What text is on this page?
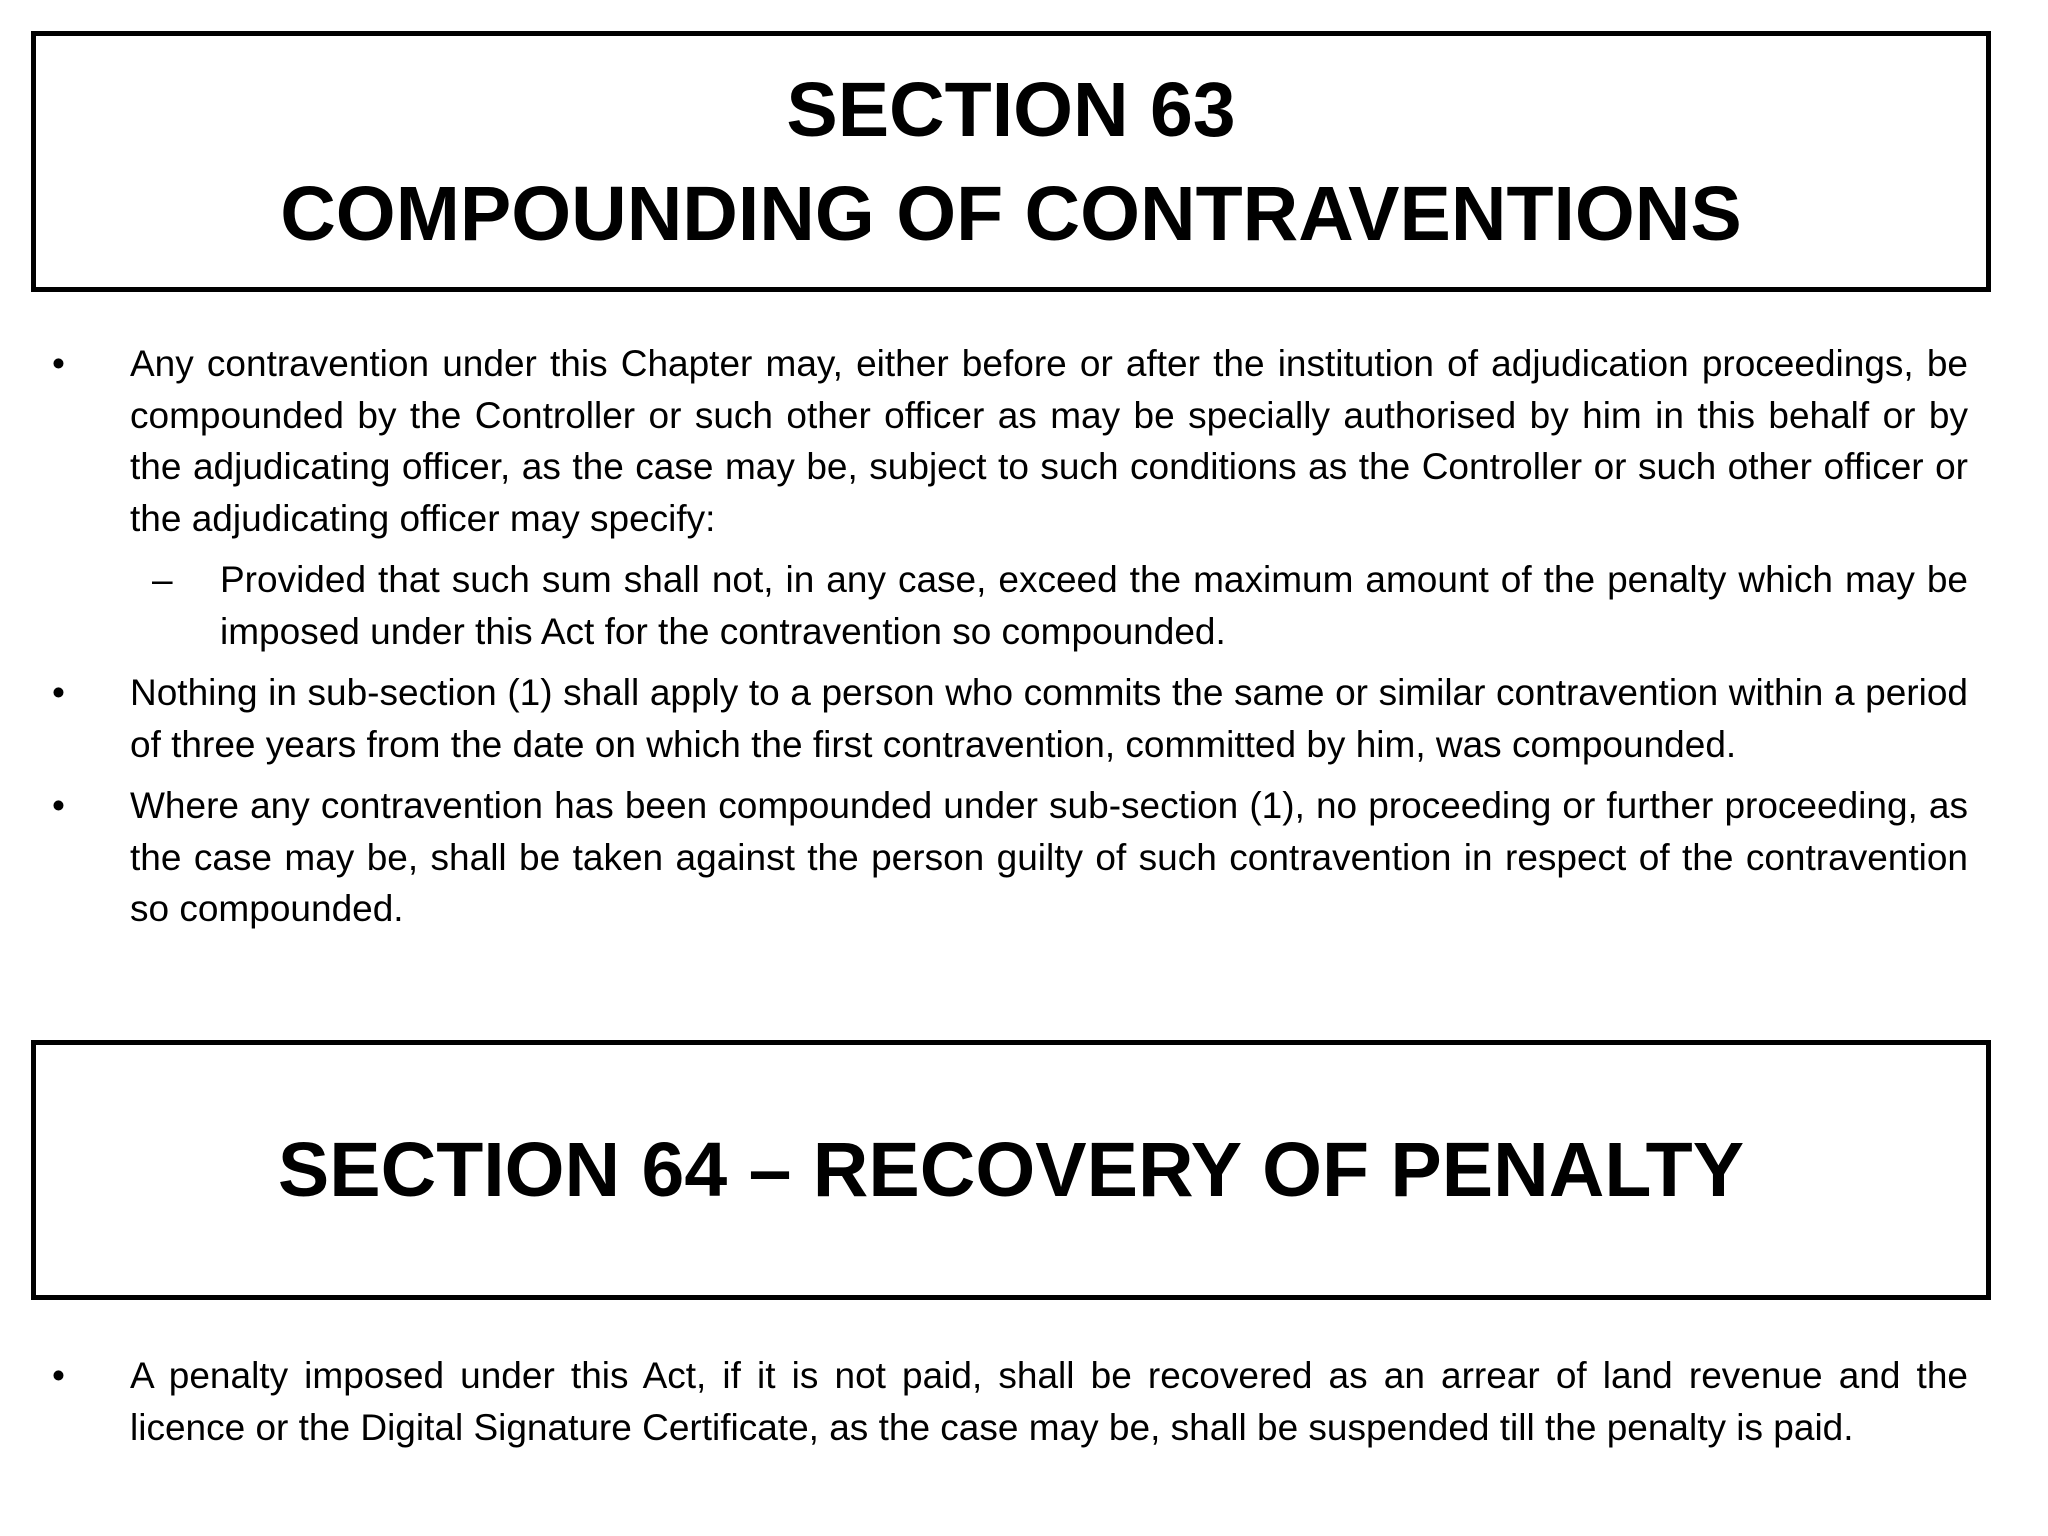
SECTION 63
COMPOUNDING OF CONTRAVENTIONS
• Any contravention under this Chapter may, either before or after the institution of adjudication proceedings, be compounded by the Controller or such other officer as may be specially authorised by him in this behalf or by the adjudicating officer, as the case may be, subject to such conditions as the Controller or such other officer or the adjudicating officer may specify:
– Provided that such sum shall not, in any case, exceed the maximum amount of the penalty which may be imposed under this Act for the contravention so compounded.
• Nothing in sub-section (1) shall apply to a person who commits the same or similar contravention within a period of three years from the date on which the first contravention, committed by him, was compounded.
• Where any contravention has been compounded under sub-section (1), no proceeding or further proceeding, as the case may be, shall be taken against the person guilty of such contravention in respect of the contravention so compounded.
SECTION 64 – RECOVERY OF PENALTY
• A penalty imposed under this Act, if it is not paid, shall be recovered as an arrear of land revenue and the licence or the Digital Signature Certificate, as the case may be, shall be suspended till the penalty is paid.
